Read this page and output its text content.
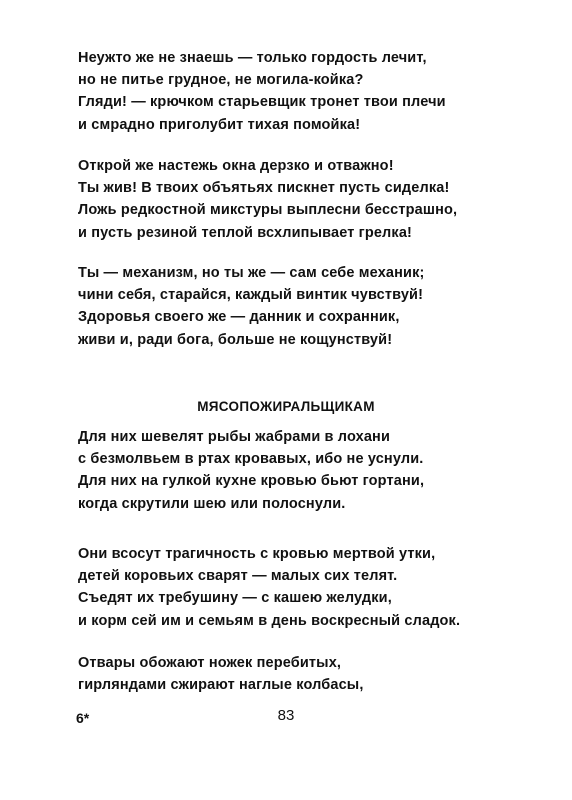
Неужто же не знаешь — только гордость лечит,
но не питье грудное, не могила-койка?
Гляди! — крючком старьевщик тронет твои плечи
и смрадно приголубит тихая помойка!
Открой же настежь окна дерзко и отважно!
Ты жив! В твоих объятьях пискнет пусть сиделка!
Ложь редкостной микстуры выплесни бесстрашно,
и пусть резиной теплой всхлипывает грелка!
Ты — механизм, но ты же — сам себе механик;
чини себя, старайся, каждый винтик чувствуй!
Здоровья своего же — данник и сохранник,
живи и, ради бога, больше не кощунствуй!
МЯСОПОЖИРАЛЬЩИКАМ
Для них шевелят рыбы жабрами в лохани
с безмолвьем в ртах кровавых, ибо не уснули.
Для них на гулкой кухне кровью бьют гортани,
когда скрутили шею или полоснули.
Они всосут трагичность с кровью мертвой утки,
детей коровьих сварят — малых сих телят.
Съедят их требушину — с кашею желудки,
и корм сей им и семьям в день воскресный сладок.
Отвары обожают ножек перебитых,
гирляндами сжирают наглые колбасы,
6*	83
